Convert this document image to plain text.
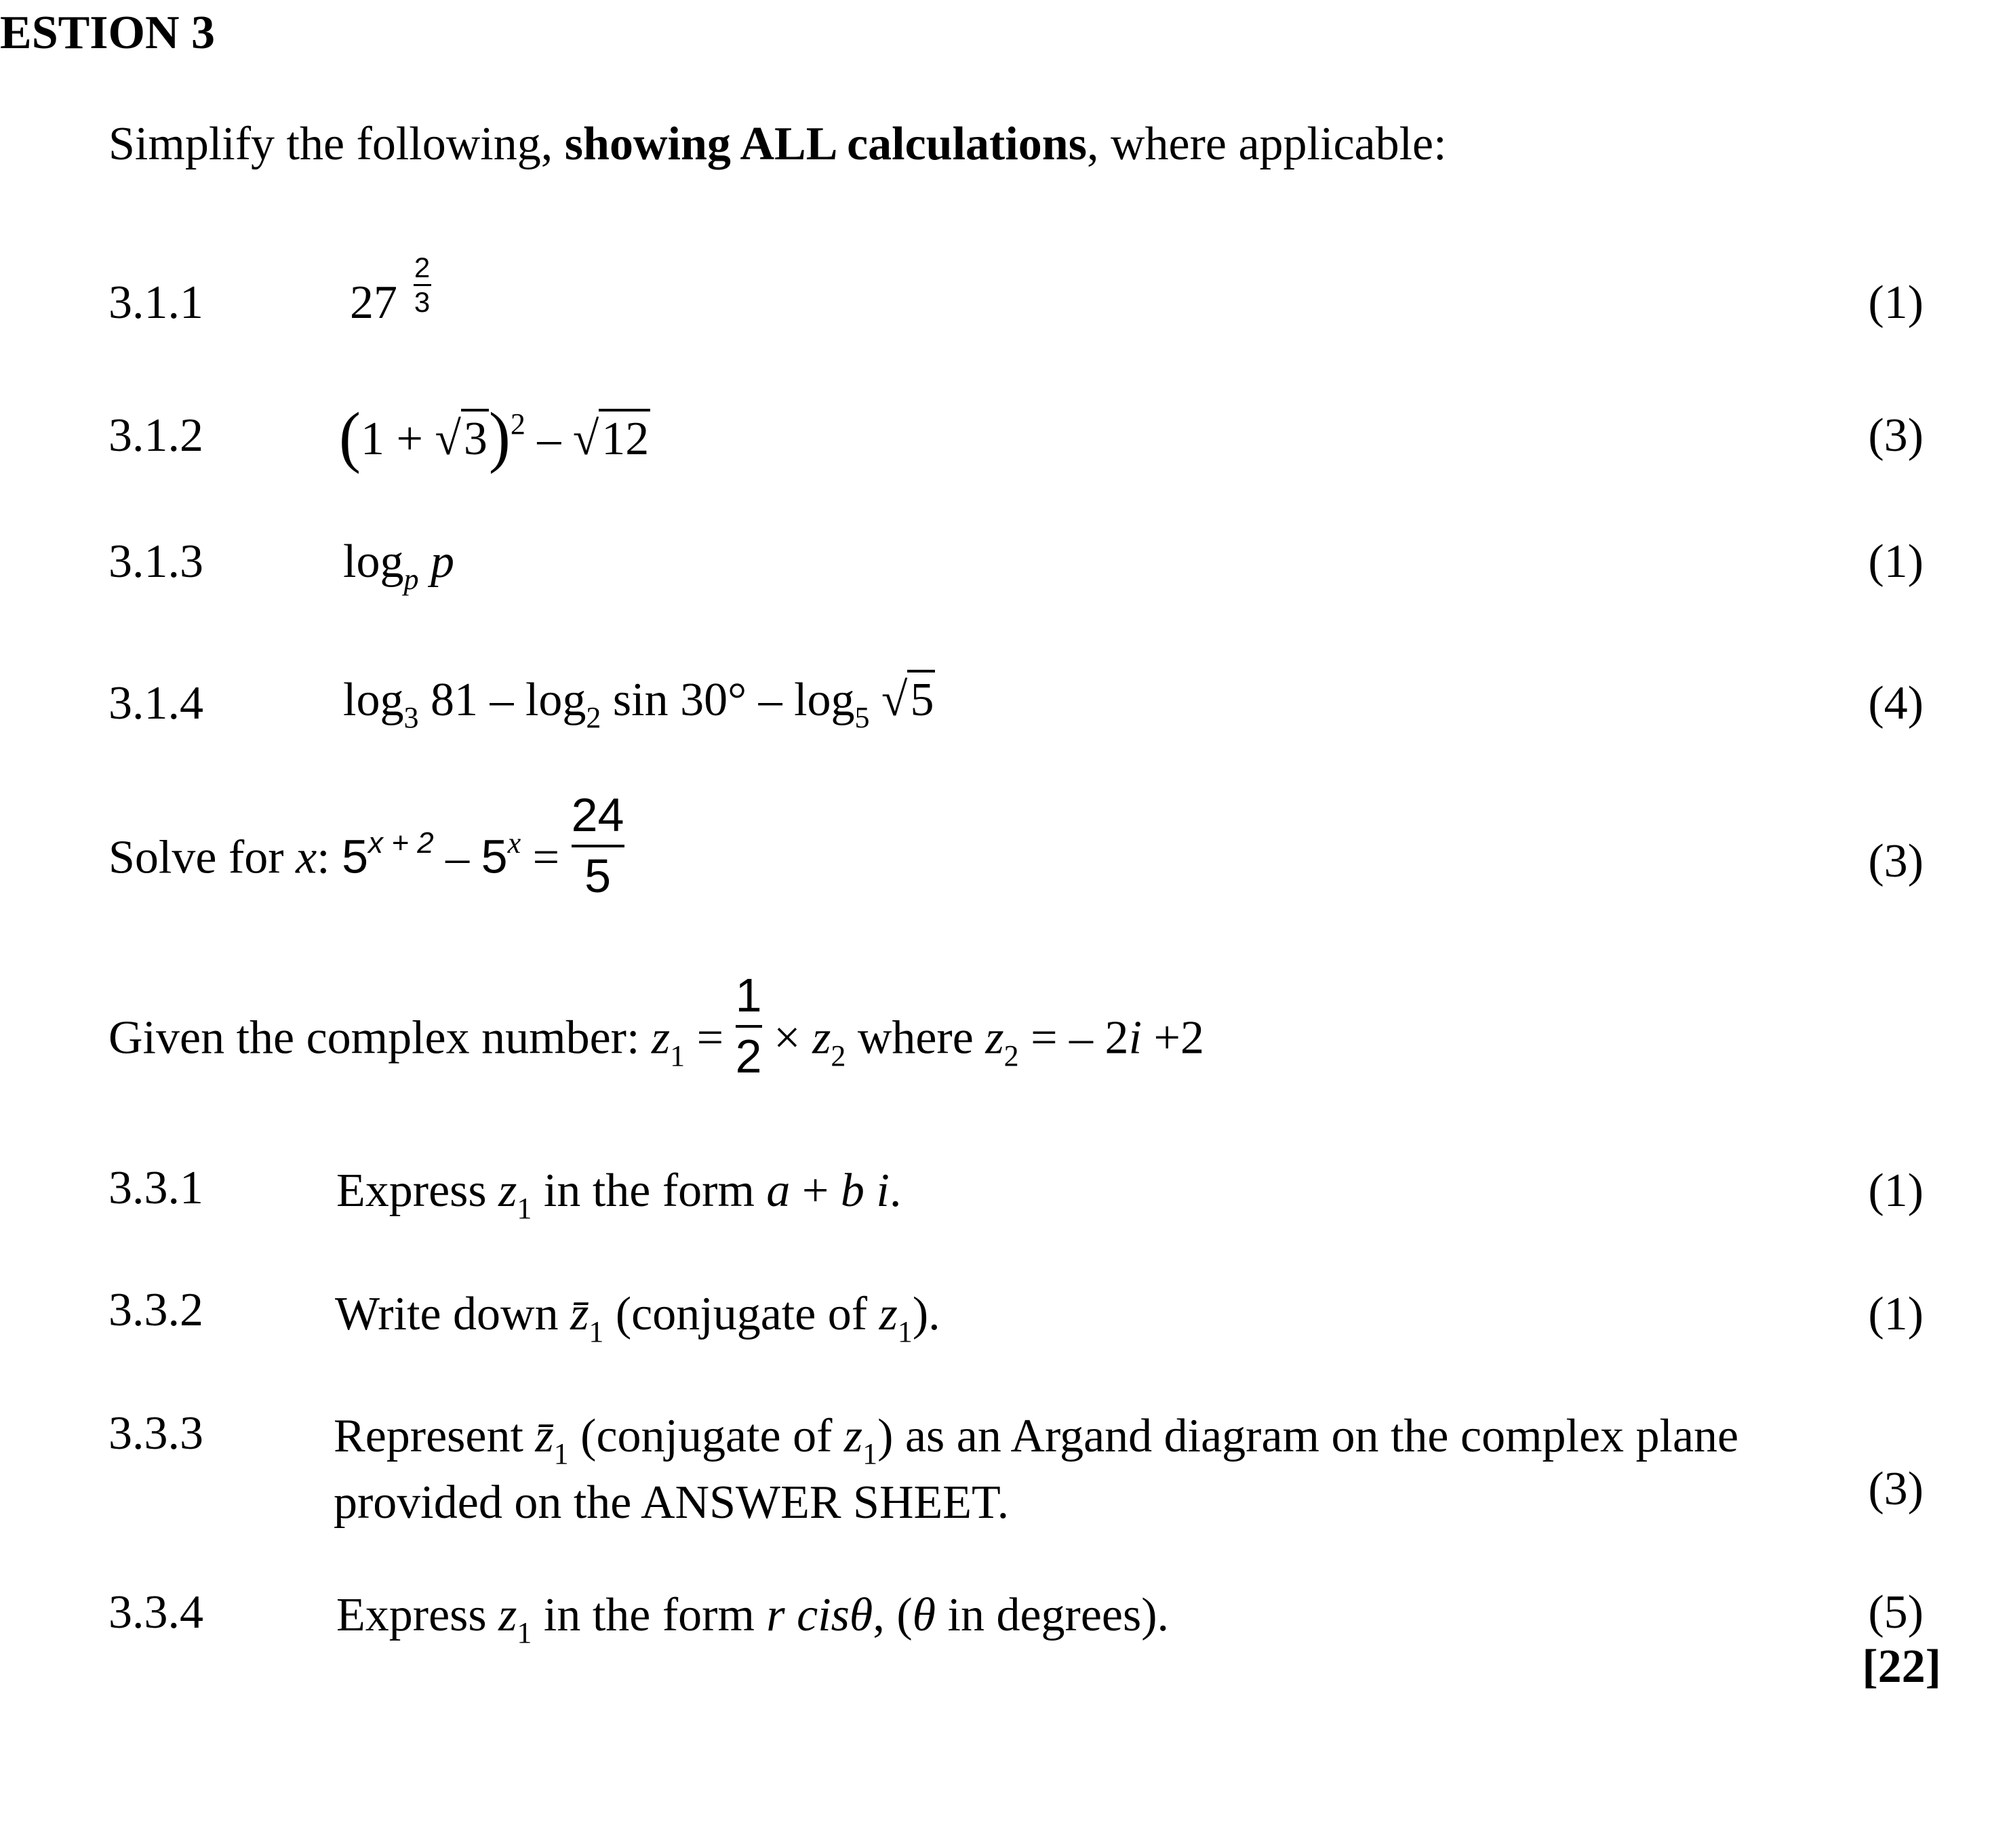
ESTION 3
Simplify the following, showing ALL calculations, where applicable:
3.1.1	$27 \frac{2}{3}$	(1)
3.1.2 $(1 + √3)^2 - √12$	(3)
3.1.3	$\log_p p$	(1)
3.1.4	$\log_3 81 - \log_2 \sin 30^\circ - \log_5 √5$	(4)
Solve for x: $5^{x + 2} - 5^x = \frac{24}{5}$	(3)
Given the complex number: $z_1 = \frac{1}{2} \times z_2$ where $z_2$ = – 2i +2
3.3.1	Express $z_1$ in the form a + b i.	(1)
3.3.2	Write down $z̄_1$ (conjugate of $z_1$).	(1)
3.3.3	Represent $z̄_1$ (conjugate of $z_1$) as an Argand diagram on the complex plane
provided on the ANSWER SHEET.	(3)
3.3.4	Express $z_1$ in the form r cisθ, (θ in degrees).	(5)
[22]
